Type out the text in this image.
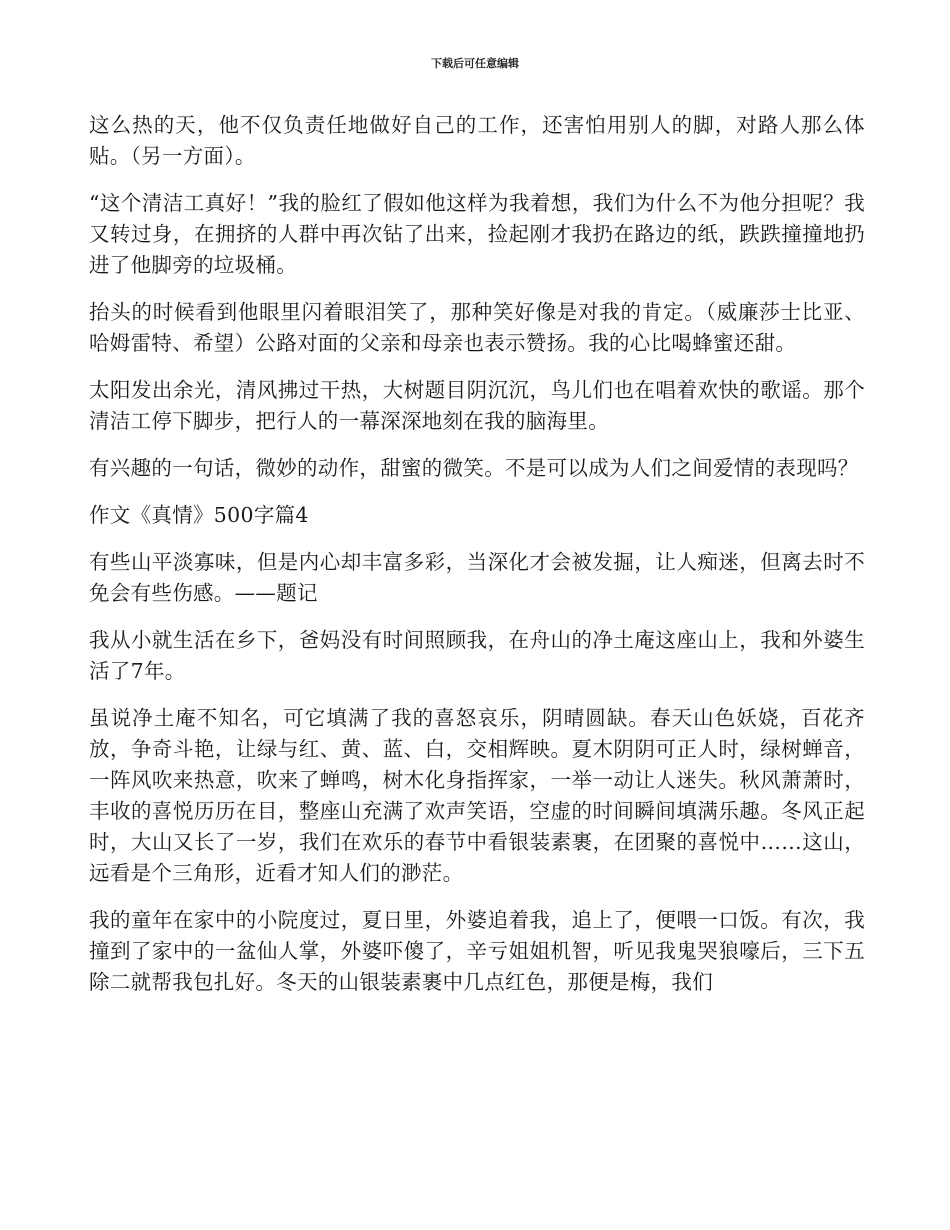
下载后可任意编辑

这么热的天，他不仅负责任地做好自己的工作，还害怕用别人的脚，对路人那么体贴。（另一方面）。

“这个清洁工真好！”我的脸红了假如他这样为我着想，我们为什么不为他分担呢？我又转过身，在拥挤的人群中再次钻了出来，捡起刚才我扔在路边的纸，跌跌撞撞地扔进了他脚旁的垃圾桶。

抬头的时候看到他眼里闪着眼泪笑了，那种笑好像是对我的肯定。（威廉莎士比亚、哈姆雷特、希望）公路对面的父亲和母亲也表示赞扬。我的心比喝蜂蜜还甜。

太阳发出余光，清风拂过干热，大树题目阴沉沉，鸟儿们也在唱着欢快的歌谣。那个清洁工停下脚步，把行人的一幕深深地刻在我的脑海里。

有兴趣的一句话，微妙的动作，甜蜜的微笑。不是可以成为人们之间爱情的表现吗？

作文《真情》500字篇4

有些山平淡寡味，但是内心却丰富多彩，当深化才会被发掘，让人痴迷，但离去时不免会有些伤感。——题记

我从小就生活在乡下，爸妈没有时间照顾我，在舟山的净土庵这座山上，我和外婆生活了7年。

虽说净土庵不知名，可它填满了我的喜怒哀乐，阴晴圆缺。春天山色妖娆，百花齐放，争奇斗艳，让绿与红、黄、蓝、白，交相辉映。夏木阴阴可正人时，绿树蝉音，一阵风吹来热意，吹来了蝉鸣，树木化身指挥家，一举一动让人迷失。秋风萧萧时，丰收的喜悦历历在目，整座山充满了欢声笑语，空虚的时间瞬间填满乐趣。冬风正起时，大山又长了一岁，我们在欢乐的春节中看银装素裹，在团聚的喜悦中……这山，远看是个三角形，近看才知人们的渺茫。

我的童年在家中的小院度过，夏日里，外婆追着我，追上了，便喂一口饭。有次，我撞到了家中的一盆仙人掌，外婆吓傻了，辛亏姐姐机智，听见我鬼哭狼嚎后，三下五除二就帮我包扎好。冬天的山银装素裹中几点红色，那便是梅，我们
